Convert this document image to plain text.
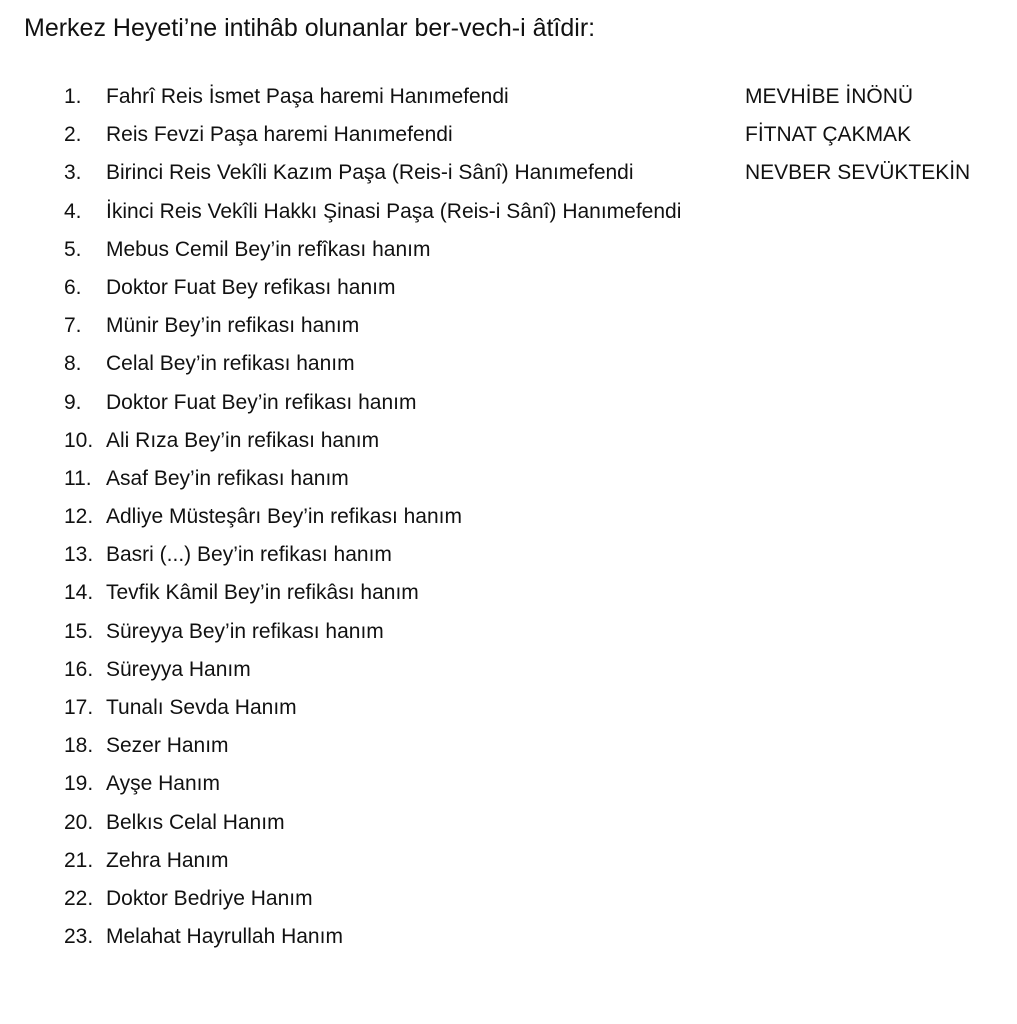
Merkez Heyeti’ne intihâb olunanlar ber-vech-i âtîdir:
1. Fahrî Reis İsmet Paşa haremi Hanımefendi	MEVHİBE İNÖNÜ
2. Reis Fevzi Paşa haremi Hanımefendi	FİTNAT ÇAKMAK
3. Birinci Reis Vekîli Kazım Paşa (Reis-i Sânî) Hanımefendi	NEVBER SEVÜKTEKİN
4. İkinci Reis Vekîli Hakkı Şinasi Paşa (Reis-i Sânî) Hanımefendi
5. Mebus Cemil Bey’in refîkası hanım
6. Doktor Fuat Bey refikası hanım
7. Münir Bey’in refikası hanım
8. Celal Bey’in refikası hanım
9. Doktor Fuat Bey’in refikası hanım
10. Ali Rıza Bey’in refikası hanım
11. Asaf Bey’in refikası hanım
12. Adliye Müsteşârı Bey’in refikası hanım
13. Basri (...) Bey’in refikası hanım
14. Tevfik Kâmil Bey’in refikâsı hanım
15. Süreyya Bey’in refikası hanım
16. Süreyya Hanım
17. Tunalı Sevda Hanım
18. Sezer Hanım
19. Ayşe Hanım
20. Belkıs Celal Hanım
21. Zehra Hanım
22. Doktor Bedriye Hanım
23. Melahat Hayrullah Hanım
